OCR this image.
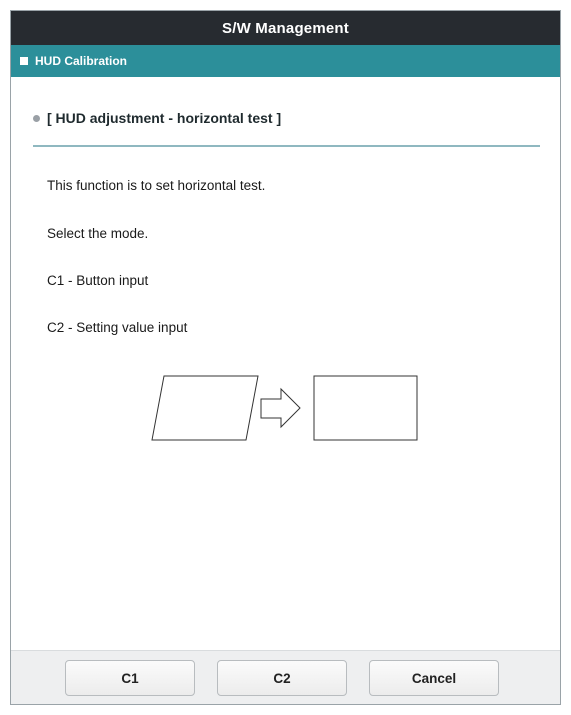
S/W Management
HUD Calibration
[ HUD adjustment - horizontal test ]
This function is to set horizontal test.
Select the mode.
C1 - Button input
C2 - Setting value input
C1	C2	Cancel
